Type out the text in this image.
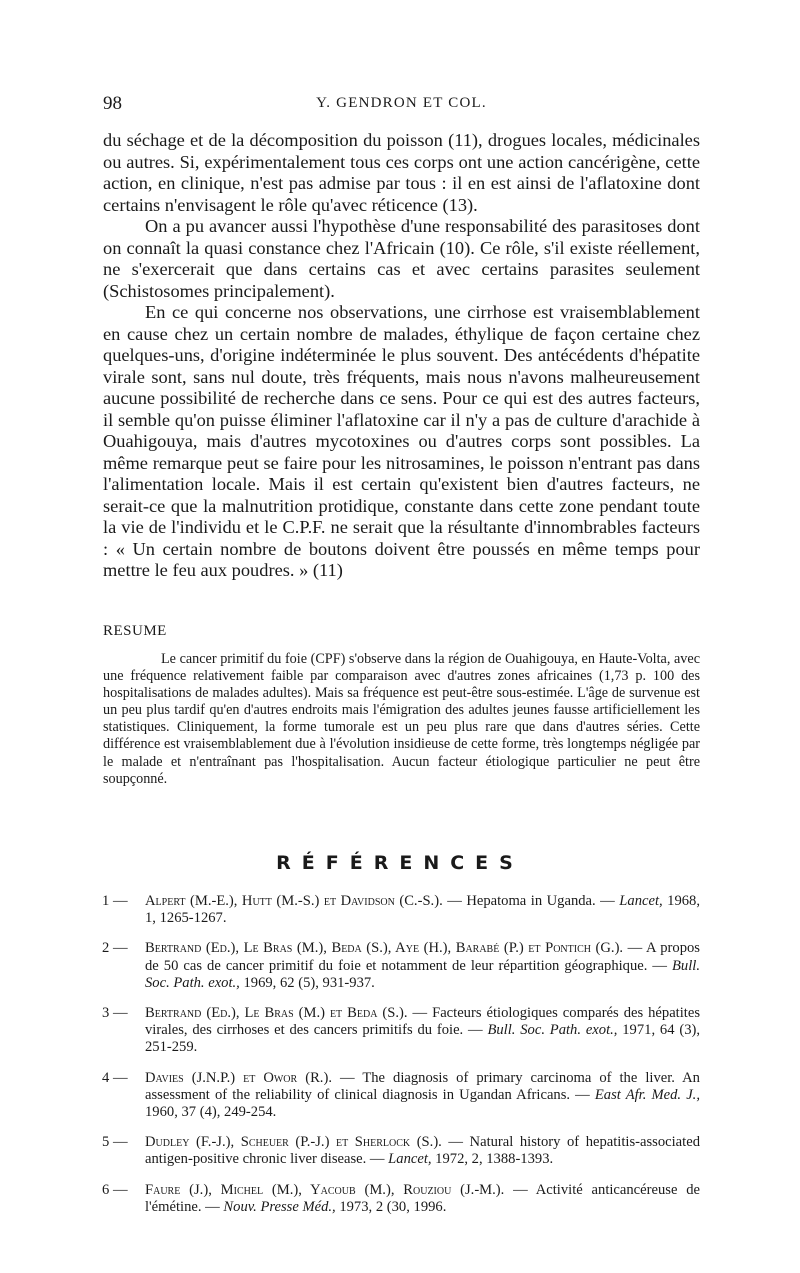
98	Y. GENDRON ET COL.

du séchage et de la décomposition du poisson (11), drogues locales, médicinales ou autres. Si, expérimentalement tous ces corps ont une action cancérigène, cette action, en clinique, n'est pas admise par tous : il en est ainsi de l'aflatoxine dont certains n'envisagent le rôle qu'avec réticence (13).

On a pu avancer aussi l'hypothèse d'une responsabilité des parasitoses dont on connaît la quasi constance chez l'Africain (10). Ce rôle, s'il existe réellement, ne s'exercerait que dans certains cas et avec certains parasites seulement (Schistosomes principalement).

En ce qui concerne nos observations, une cirrhose est vraisemblablement en cause chez un certain nombre de malades, éthylique de façon certaine chez quelques-uns, d'origine indéterminée le plus souvent. Des antécédents d'hépatite virale sont, sans nul doute, très fréquents, mais nous n'avons malheureusement aucune possibilité de recherche dans ce sens. Pour ce qui est des autres facteurs, il semble qu'on puisse éliminer l'aflatoxine car il n'y a pas de culture d'arachide à Ouahigouya, mais d'autres mycotoxines ou d'autres corps sont possibles. La même remarque peut se faire pour les nitrosamines, le poisson n'entrant pas dans l'alimentation locale. Mais il est certain qu'existent bien d'autres facteurs, ne serait-ce que la malnutrition protidique, constante dans cette zone pendant toute la vie de l'individu et le C.P.F. ne serait que la résultante d'innombrables facteurs : « Un certain nombre de boutons doivent être poussés en même temps pour mettre le feu aux poudres. » (11)

RESUME

Le cancer primitif du foie (CPF) s'observe dans la région de Ouahigouya, en Haute-Volta, avec une fréquence relativement faible par comparaison avec d'autres zones africaines (1,73 p. 100 des hospitalisations de malades adultes). Mais sa fréquence est peut-être sous-estimée. L'âge de survenue est un peu plus tardif qu'en d'autres endroits mais l'émigration des adultes jeunes fausse artificiellement les statistiques. Cliniquement, la forme tumorale est un peu plus rare que dans d'autres séries. Cette différence est vraisemblablement due à l'évolution insidieuse de cette forme, très longtemps négligée par le malade et n'entraînant pas l'hospitalisation. Aucun facteur étiologique particulier ne peut être soupçonné.

RÉFÉRENCES
1 — Alpert (M.-E.), Hutt (M.-S.) et Davidson (C.-S.). — Hepatoma in Uganda. — Lancet, 1968, 1, 1265-1267.
2 — Bertrand (Ed.), Le Bras (M.), Beda (S.), Aye (H.), Barabé (P.) et Pontich (G.). — A propos de 50 cas de cancer primitif du foie et notamment de leur répartition géographique. — Bull. Soc. Path. exot., 1969, 62 (5), 931-937.
3 — Bertrand (Ed.), Le Bras (M.) et Beda (S.). — Facteurs étiologiques comparés des hépatites virales, des cirrhoses et des cancers primitifs du foie. — Bull. Soc. Path. exot., 1971, 64 (3), 251-259.
4 — Davies (J.N.P.) et Owor (R.). — The diagnosis of primary carcinoma of the liver. An assessment of the reliability of clinical diagnosis in Ugandan Africans. — East Afr. Med. J., 1960, 37 (4), 249-254.
5 — Dudley (F.-J.), Scheuer (P.-J.) et Sherlock (S.). — Natural history of hepatitis-associated antigen-positive chronic liver disease. — Lancet, 1972, 2, 1388-1393.
6 — Faure (J.), Michel (M.), Yacoub (M.), Rouziou (J.-M.). — Activité anticancéreuse de l'émétine. — Nouv. Presse Méd., 1973, 2 (30, 1996.
